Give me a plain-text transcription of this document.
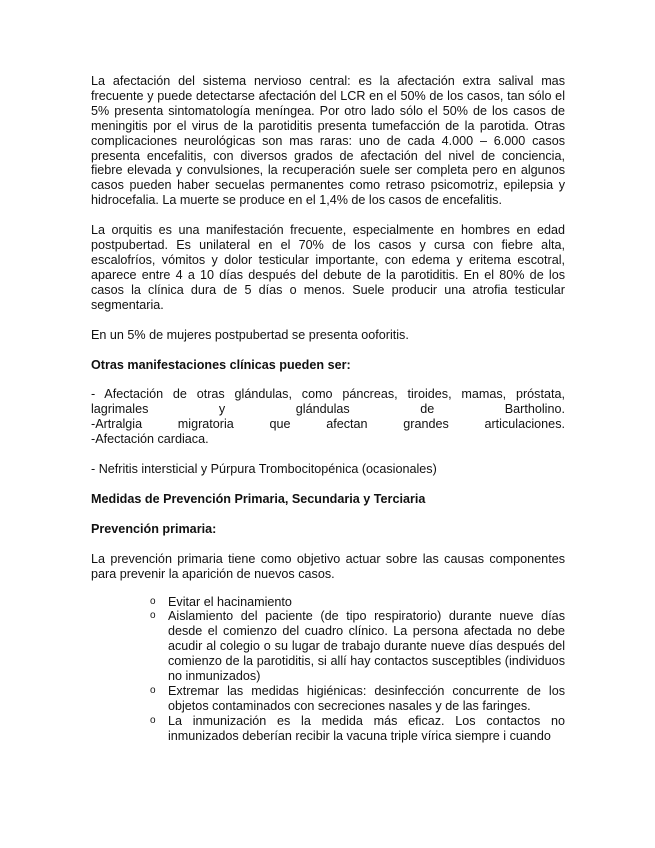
La afectación del sistema nervioso central: es la afectación extra salival mas frecuente y puede detectarse afectación del LCR en el 50% de los casos, tan sólo el 5% presenta sintomatología meníngea. Por otro lado sólo el 50% de los casos de meningitis por el virus de la parotiditis presenta tumefacción de la parotida. Otras complicaciones neurológicas son mas raras: uno de cada 4.000 – 6.000 casos presenta encefalitis, con diversos grados de afectación del nivel de conciencia, fiebre elevada y convulsiones, la recuperación suele ser completa pero en algunos casos pueden haber secuelas permanentes como retraso psicomotriz, epilepsia y hidrocefalia. La muerte se produce en el 1,4% de los casos de encefalitis.

La orquitis es una manifestación frecuente, especialmente en hombres en edad postpubertad. Es unilateral en el 70% de los casos y cursa con fiebre alta, escalofríos, vómitos y dolor testicular importante, con edema y eritema escotral, aparece entre 4 a 10 días después del debute de la parotiditis. En el 80% de los casos la clínica dura de 5 días o menos. Suele producir una atrofia testicular segmentaria.

En un 5% de mujeres postpubertad se presenta ooforitis.

Otras manifestaciones clínicas pueden ser:

- Afectación de otras glándulas, como páncreas, tiroides, mamas, próstata, lagrimales y glándulas de Bartholino.

-Artralgia migratoria que afectan grandes articulaciones.

-Afectación cardiaca.

- Nefritis intersticial y Púrpura Trombocitopénica (ocasionales)

Medidas de Prevención Primaria, Secundaria y Terciaria

Prevención primaria:

La prevención primaria tiene como objetivo actuar sobre las causas componentes para prevenir la aparición de nuevos casos.

o Evitar el hacinamiento
o Aislamiento del paciente (de tipo respiratorio) durante nueve días desde el comienzo del cuadro clínico. La persona afectada no debe acudir al colegio o su lugar de trabajo durante nueve días después del comienzo de la parotiditis, si allí hay contactos susceptibles (individuos no inmunizados)
o Extremar las medidas higiénicas: desinfección concurrente de los objetos contaminados con secreciones nasales y de las faringes.
o La inmunización es la medida más eficaz. Los contactos no inmunizados deberían recibir la vacuna triple vírica siempre i cuando
